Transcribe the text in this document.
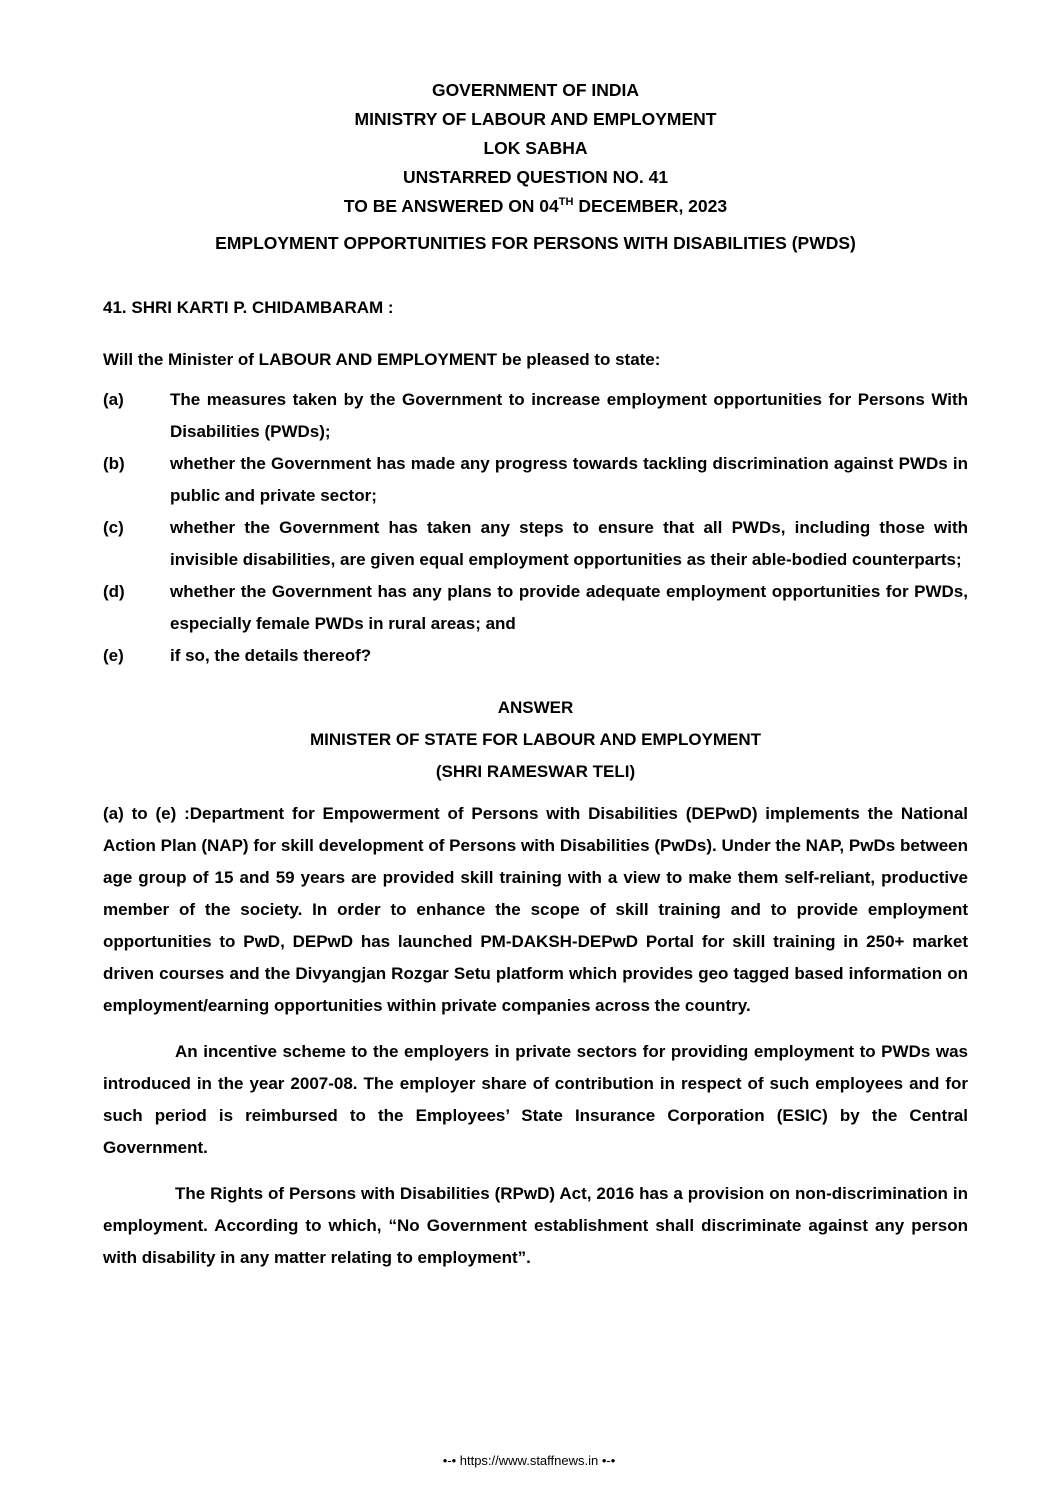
GOVERNMENT OF INDIA
MINISTRY OF LABOUR AND EMPLOYMENT
LOK SABHA
UNSTARRED QUESTION NO. 41
TO BE ANSWERED ON 04TH DECEMBER, 2023
EMPLOYMENT OPPORTUNITIES FOR PERSONS WITH DISABILITIES (PWDS)
41. SHRI KARTI P. CHIDAMBARAM :
Will the Minister of LABOUR AND EMPLOYMENT be pleased to state:
(a)	The measures taken by the Government to increase employment opportunities for Persons With Disabilities (PWDs);
(b)	whether the Government has made any progress towards tackling discrimination against PWDs in public and private sector;
(c)	whether the Government has taken any steps to ensure that all PWDs, including those with invisible disabilities, are given equal employment opportunities as their able-bodied counterparts;
(d)	whether the Government has any plans to provide adequate employment opportunities for PWDs, especially female PWDs in rural areas; and
(e)	if so, the details thereof?
ANSWER
MINISTER OF STATE FOR LABOUR AND EMPLOYMENT
(SHRI RAMESWAR TELI)
(a) to (e) :Department for Empowerment of Persons with Disabilities (DEPwD) implements the National Action Plan (NAP) for skill development of Persons with Disabilities (PwDs). Under the NAP, PwDs between age group of 15 and 59 years are provided skill training with a view to make them self-reliant, productive member of the society. In order to enhance the scope of skill training and to provide employment opportunities to PwD, DEPwD has launched PM-DAKSH-DEPwD Portal for skill training in 250+ market driven courses and the Divyangjan Rozgar Setu platform which provides geo tagged based information on employment/earning opportunities within private companies across the country.
An incentive scheme to the employers in private sectors for providing employment to PWDs was introduced in the year 2007-08. The employer share of contribution in respect of such employees and for such period is reimbursed to the Employees’ State Insurance Corporation (ESIC) by the Central Government.
The Rights of Persons with Disabilities (RPwD) Act, 2016 has a provision on non-discrimination in employment. According to which, “No Government establishment shall discriminate against any person with disability in any matter relating to employment”.
•-• https://www.staffnews.in •-•
